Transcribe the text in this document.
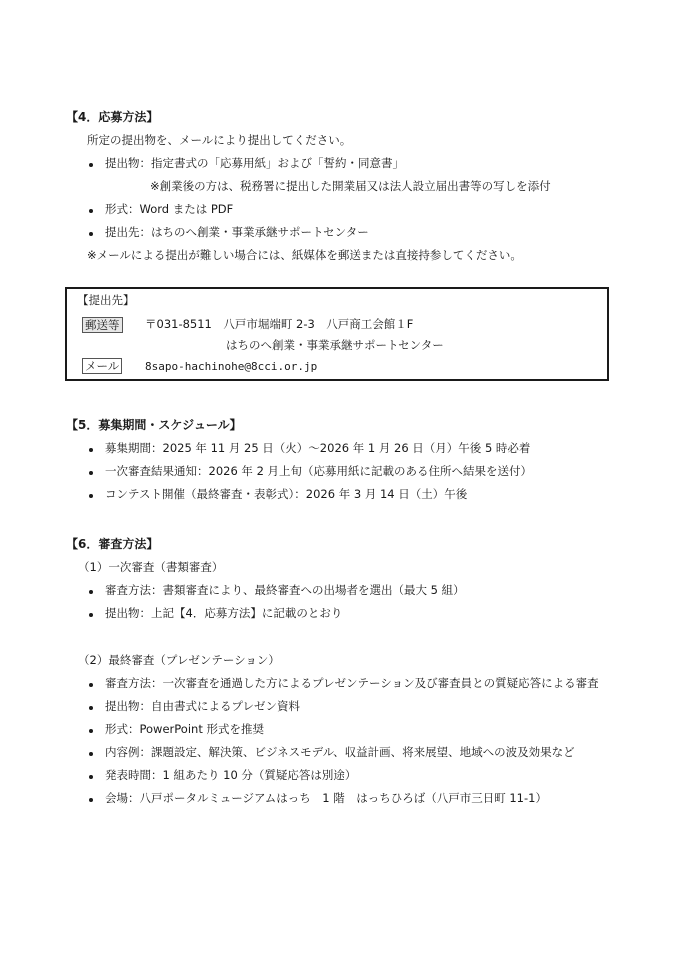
【4．応募方法】
所定の提出物を、メールにより提出してください。
提出物：指定書式の「応募用紙」および「誓約・同意書」
※創業後の方は、税務署に提出した開業届又は法人設立届出書等の写しを添付
形式：Word または PDF
提出先：はちのへ創業・事業承継サポートセンター
※メールによる提出が難しい場合には、紙媒体を郵送または直接持参してください。
【提出先】
郵送等 〒031-8511　八戸市堀端町 2-3　八戸商工会館１F
はちのへ創業・事業承継サポートセンター
メール 8sapo-hachinohe@8cci.or.jp
【5．募集期間・スケジュール】
募集期間：2025 年 11 月 25 日（火）～2026 年 1 月 26 日（月）午後 5 時必着
一次審査結果通知：2026 年 2 月上旬（応募用紙に記載のある住所へ結果を送付）
コンテスト開催（最終審査・表彰式）：2026 年 3 月 14 日（土）午後
【6．審査方法】
（1）一次審査（書類審査）
審査方法：書類審査により、最終審査への出場者を選出（最大 5 組）
提出物：上記【4．応募方法】に記載のとおり
（2）最終審査（プレゼンテーション）
審査方法：一次審査を通過した方によるプレゼンテーション及び審査員との質疑応答による審査
提出物：自由書式によるプレゼン資料
形式：PowerPoint 形式を推奨
内容例：課題設定、解決策、ビジネスモデル、収益計画、将来展望、地域への波及効果など
発表時間：1 組あたり 10 分（質疑応答は別途）
会場：八戸ポータルミュージアムはっち　1 階　はっちひろば（八戸市三日町 11-1）
